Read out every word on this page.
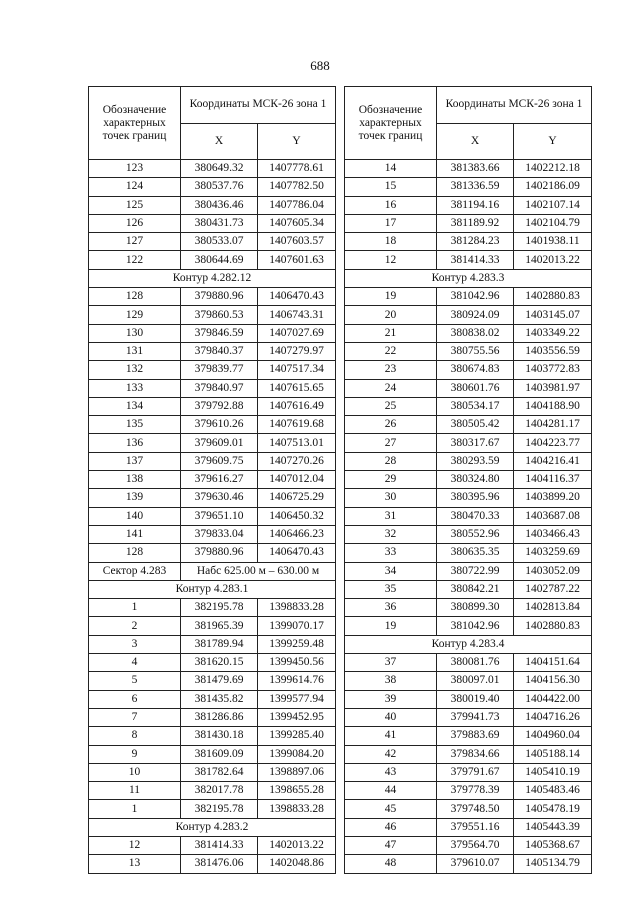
688
Обозначение характерных точек границ	Координаты МСК-26 зона 1	
	X	Y
123	380649.32	1407778.61
124	380537.76	1407782.50
125	380436.46	1407786.04
126	380431.73	1407605.34
127	380533.07	1407603.57
122	380644.69	1407601.63
Контур 4.282.12		
128	379880.96	1406470.43
129	379860.53	1406743.31
130	379846.59	1407027.69
131	379840.37	1407279.97
132	379839.77	1407517.34
133	379840.97	1407615.65
134	379792.88	1407616.49
135	379610.26	1407619.68
136	379609.01	1407513.01
137	379609.75	1407270.26
138	379616.27	1407012.04
139	379630.46	1406725.29
140	379651.10	1406450.32
141	379833.04	1406466.23
128	379880.96	1406470.43
Сектор 4.283	Набс 625.00 м – 630.00 м	
Контур 4.283.1		
1	382195.78	1398833.28
2	381965.39	1399070.17
3	381789.94	1399259.48
4	381620.15	1399450.56
5	381479.69	1399614.76
6	381435.82	1399577.94
7	381286.86	1399452.95
8	381430.18	1399285.40
9	381609.09	1399084.20
10	381782.64	1398897.06
11	382017.78	1398655.28
1	382195.78	1398833.28
Контур 4.283.2		
12	381414.33	1402013.22
13	381476.06	1402048.86
Обозначение характерных точек границ	Координаты МСК-26 зона 1	
	X	Y
14	381383.66	1402212.18
15	381336.59	1402186.09
16	381194.16	1402107.14
17	381189.92	1402104.79
18	381284.23	1401938.11
12	381414.33	1402013.22
Контур 4.283.3		
19	381042.96	1402880.83
20	380924.09	1403145.07
21	380838.02	1403349.22
22	380755.56	1403556.59
23	380674.83	1403772.83
24	380601.76	1403981.97
25	380534.17	1404188.90
26	380505.42	1404281.17
27	380317.67	1404223.77
28	380293.59	1404216.41
29	380324.80	1404116.37
30	380395.96	1403899.20
31	380470.33	1403687.08
32	380552.96	1403466.43
33	380635.35	1403259.69
34	380722.99	1403052.09
35	380842.21	1402787.22
36	380899.30	1402813.84
19	381042.96	1402880.83
Контур 4.283.4		
37	380081.76	1404151.64
38	380097.01	1404156.30
39	380019.40	1404422.00
40	379941.73	1404716.26
41	379883.69	1404960.04
42	379834.66	1405188.14
43	379791.67	1405410.19
44	379778.39	1405483.46
45	379748.50	1405478.19
46	379551.16	1405443.39
47	379564.70	1405368.67
48	379610.07	1405134.79
